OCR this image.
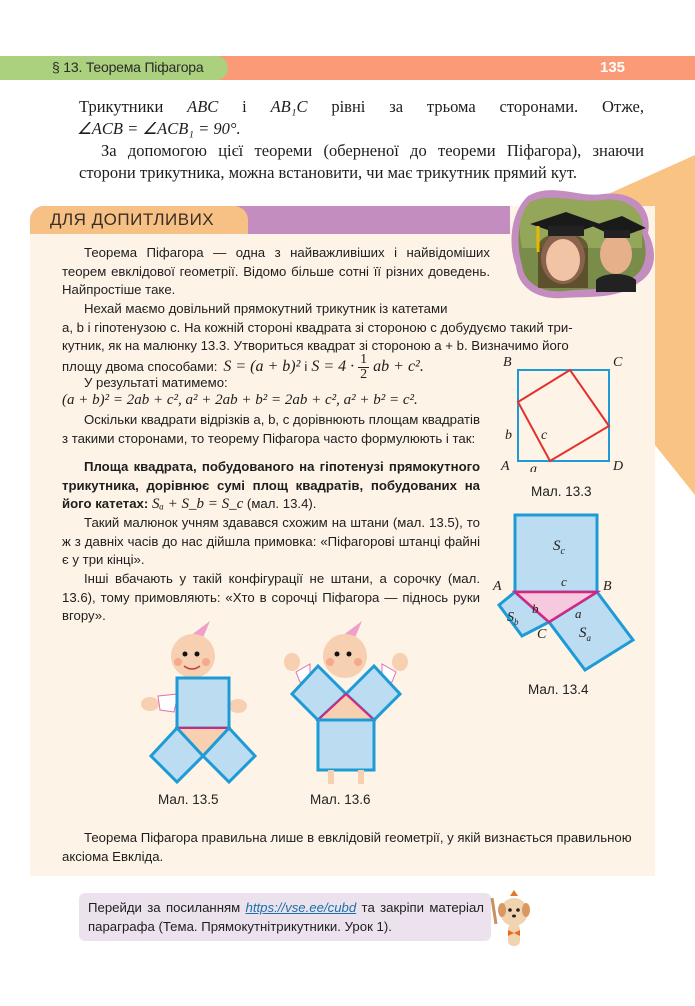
§ 13. Теорема Піфагора	135
Трикутники ABC і AB₁C рівні за трьома сторонами. Отже,
∠ACB = ∠ACB₁ = 90°.
За допомогою цієї теореми (оберненої до теореми Піфагора), знаючи сторони трикутника, можна встановити, чи має трикутник прямий кут.
ДЛЯ ДОПИТЛИВИХ
Теорема Піфагора — одна з найважливіших і найвідоміших теорем евклідової геометрії. Відомо більше сотні її різних доведень. Найпростіше таке.
Нехай маємо довільний прямокутний трикутник із катетами
a, b і гіпотенузою c. На кожній стороні квадрата зі стороною c добудуємо такий три-
кутник, як на малюнку 13.3. Утвориться квадрат зі стороною a + b. Визначимо його
площу двома способами: S = (a + b)² і $S = 4 \cdot \frac{1}{2}$ ab + c².
У результаті матимемо:
(a + b)² = 2ab + c², a² + 2ab + b² = 2ab + c², a² + b² = c².
Оскільки квадрати відрізків a, b, c дорівнюють площам квадратів з такими сторонами, то теорему Піфагора часто формулюють і так:
Площа квадрата, побудованого на гіпотенузі прямокутного трикутника, дорівнює сумі площ квадратів, побудованих на його катетах: Sₐ + S_b = S_c (мал. 13.4).
Такий малюнок учням здавався схожим на штани (мал. 13.5), то ж з давніх часів до нас дійшла примовка: «Піфагорові штанці файні є у три кінці».
Інші вбачають у такій конфігурації не штани, а сорочку (мал. 13.6), тому примовляють: «Хто в сорочці Піфагора — піднось руки вгору».
B	C
A	D
b c
a
Мал. 13.3
$S_c$
c
A	B
b	a
$S_b$
C $S_a$
Мал. 13.4
Мал. 13.5	Мал. 13.6
Теорема Піфагора правильна лише в евклідовій геометрії, у якій визнається правильною аксіома Евкліда.
Перейди за посиланням https://vse.ee/cubd та закріпи матеріал параграфа (Тема. Прямокутнітрикутники. Урок 1).
